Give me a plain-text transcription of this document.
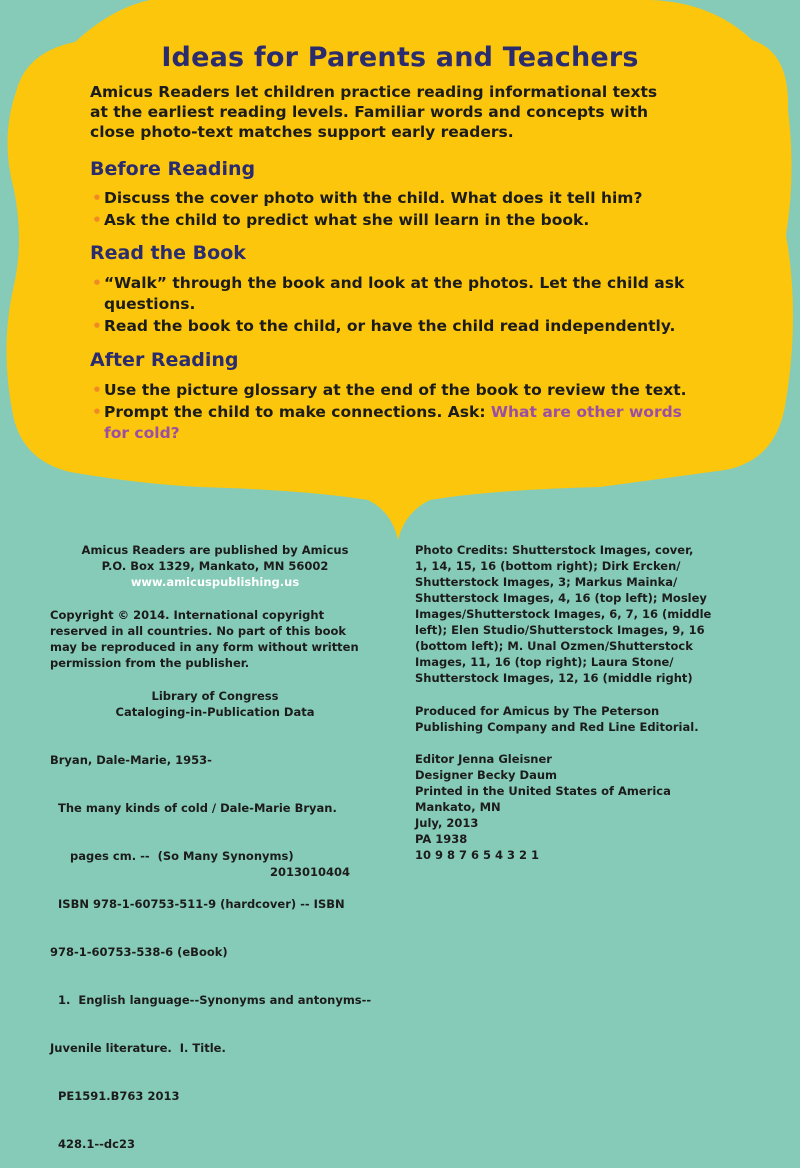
Ideas for Parents and Teachers
Amicus Readers let children practice reading informational texts
at the earliest reading levels. Familiar words and concepts with
close photo-text matches support early readers.
Before Reading
• Discuss the cover photo with the child. What does it tell him?
• Ask the child to predict what she will learn in the book.
Read the Book
• “Walk” through the book and look at the photos. Let the child ask questions.
• Read the book to the child, or have the child read independently.
After Reading
• Use the picture glossary at the end of the book to review the text.
• Prompt the child to make connections. Ask: What are other words for cold?
Amicus Readers are published by Amicus
P.O. Box 1329, Mankato, MN 56002
www.amicuspublishing.us
Copyright © 2014. International copyright
reserved in all countries. No part of this book
may be reproduced in any form without written
permission from the publisher.
Library of Congress
Cataloging-in-Publication Data

Bryan, Dale-Marie, 1953-

The many kinds of cold / Dale-Marie Bryan.

pages cm. --  (So Many Synonyms)

ISBN 978-1-60753-511-9 (hardcover) -- ISBN

978-1-60753-538-6 (eBook)

1.  English language--Synonyms and antonyms--

Juvenile literature.  I. Title.

PE1591.B763 2013

428.1--dc23

2013010404
Photo Credits: Shutterstock Images, cover,
1, 14, 15, 16 (bottom right); Dirk Ercken/
Shutterstock Images, 3; Markus Mainka/
Shutterstock Images, 4, 16 (top left); Mosley
Images/Shutterstock Images, 6, 7, 16 (middle
left); Elen Studio/Shutterstock Images, 9, 16
(bottom left); M. Unal Ozmen/Shutterstock
Images, 11, 16 (top right); Laura Stone/
Shutterstock Images, 12, 16 (middle right)
Produced for Amicus by The Peterson
Publishing Company and Red Line Editorial.
Editor Jenna Gleisner
Designer Becky Daum
Printed in the United States of America
Mankato, MN
July, 2013
PA 1938
10 9 8 7 6 5 4 3 2 1
